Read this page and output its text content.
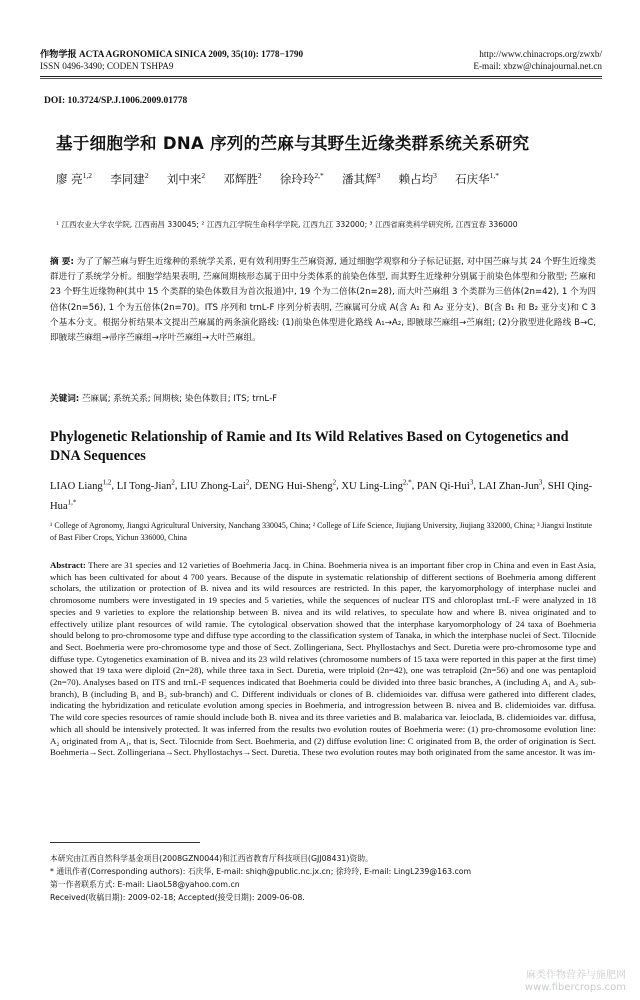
作物学报 ACTA AGRONOMICA SINICA 2009, 35(10): 1778−1790
ISSN 0496-3490; CODEN TSHPA9
http://www.chinacrops.org/zwxb/
E-mail: xbzw@chinajournal.net.cn
DOI: 10.3724/SP.J.1006.2009.01778
基于细胞学和 DNA 序列的苎麻与其野生近缘类群系统关系研究
廖 亮$^{1,2}$ 李同建$^2$ 刘中来$^2$ 邓辉胜$^2$ 徐玲玲$^{2,*}$ 潘其辉$^3$ 赖占均$^3$ 石庆华$^{1,*}$
¹ 江西农业大学农学院, 江西南昌 330045; ² 江西九江学院生命科学学院, 江西九江 332000; ³ 江西省麻类科学研究所, 江西宜春 336000
摘 要: 为了了解苎麻与野生近缘种的系统学关系, 更有效利用野生苎麻资源, 通过细胞学观察和分子标记证据, 对中国苎麻与其 24 个野生近缘类群进行了系统学分析。细胞学结果表明, 苎麻间期核形态属于田中分类体系的前染色体型, 而其野生近缘种分别属于前染色体型和分散型; 苎麻和 23 个野生近缘物种(其中 15 个类群的染色体数目为首次报道)中, 19 个为二倍体(2n=28), 而大叶苎麻组 3 个类群为三倍体(2n=42), 1 个为四倍体(2n=56), 1 个为五倍体(2n=70)。ITS 序列和 trnL-F 序列分析表明, 苎麻属可分成 A(含 A₁ 和 A₂ 亚分支)、B(含 B₁ 和 B₂ 亚分支)和 C 3 个基本分支。根据分析结果本文提出苎麻属的两条演化路线: (1)前染色体型进化路线 A₁→A₂, 即腋球苎麻组→苎麻组; (2)分散型进化路线 B→C, 即腋球苎麻组→帚序苎麻组→序叶苎麻组→大叶苎麻组。
关键词: 苎麻属; 系统关系; 间期核; 染色体数目; ITS; trnL-F
Phylogenetic Relationship of Ramie and Its Wild Relatives Based on Cytogenetics and DNA Sequences
LIAO Liang$^{1,2}$, LI Tong-Jian$^2$, LIU Zhong-Lai$^2$, DENG Hui-Sheng$^2$, XU Ling-Ling$^{2,*}$, PAN Qi-Hui$^3$, LAI Zhan-Jun$^3$, SHI Qing-Hua$^{1,*}$
¹ College of Agronomy, Jiangxi Agricultural University, Nanchang 330045, China; ² College of Life Science, Jiujiang University, Jiujiang 332000, China; ³ Jiangxi Institute of Bast Fiber Crops, Yichun 336000, China
Abstract: There are 31 species and 12 varieties of Boehmeria Jacq. in China. Boehmeria nivea is an important fiber crop in China and even in East Asia, which has been cultivated for about 4 700 years. Because of the dispute in systematic relationship of different sections of Boehmeria among different scholars, the utilization or protection of B. nivea and its wild resources are restricted. In this paper, the karyomorphology of interphase nuclei and chromosome numbers were investigated in 19 species and 5 varieties, while the sequences of nuclear ITS and chloroplast trnL-F were analyzed in 18 species and 9 varieties to explore the relationship between B. nivea and its wild relatives, to speculate how and where B. nivea originated and to effectively utilize plant resources of wild ramie. The cytological observation showed that the interphase karyomorphology of 24 taxa of Boehmeria should belong to pro-chromosome type and diffuse type according to the classification system of Tanaka, in which the interphase nuclei of Sect. Tilocnide and Sect. Boehmeria were pro-chromosome type and those of Sect. Zollingeriana, Sect. Phyllostachys and Sect. Duretia were pro-chromosome type and diffuse type. Cytogenetics examination of B. nivea and its 23 wild relatives (chromosome numbers of 15 taxa were reported in this paper at the first time) showed that 19 taxa were diploid (2n=28), while three taxa in Sect. Duretia, were triploid (2n=42), one was tetraploid (2n=56) and one was pentaploid (2n=70). Analyses based on ITS and trnL-F sequences indicated that Boehmeria could be divided into three basic branches, A (including A₁ and A₂ sub-branch), B (including B₁ and B₂ sub-branch) and C. Different individuals or clones of B. clidemioides var. diffusa were gathered into different clades, indicating the hybridization and reticulate evolution among species in Boehmeria, and introgression between B. nivea and B. clidemioides var. diffusa. The wild core species resources of ramie should include both B. nivea and its three varieties and B. malabarica var. leioclada, B. clidemioides var. diffusa, which all should be intensively protected. It was inferred from the results two evolution routes of Boehmeria were: (1) pro-chromosome evolution line: A₂ originated from A₁, that is, Sect. Tilocnide from Sect. Boehmeria, and (2) diffuse evolution line: C originated from B, the order of origination is Sect. Boehmeria→Sect. Zollingeriana→Sect. Phyllostachys→Sect. Duretia. These two evolution routes may both originated from the same ancestor. It was im-
本研究由江西自然科学基金项目(2008GZN0044)和江西省教育厅科技项目(GJJ08431)资助。
* 通讯作者(Corresponding authors): 石庆华, E-mail: shiqh@public.nc.jx.cn; 徐玲玲, E-mail: LingL239@163.com
第一作者联系方式: E-mail: LiaoL58@yahoo.com.cn
Received(收稿日期): 2009-02-18; Accepted(接受日期): 2009-06-08.
麻类作物营养与施肥网
www.fibercrops.com
